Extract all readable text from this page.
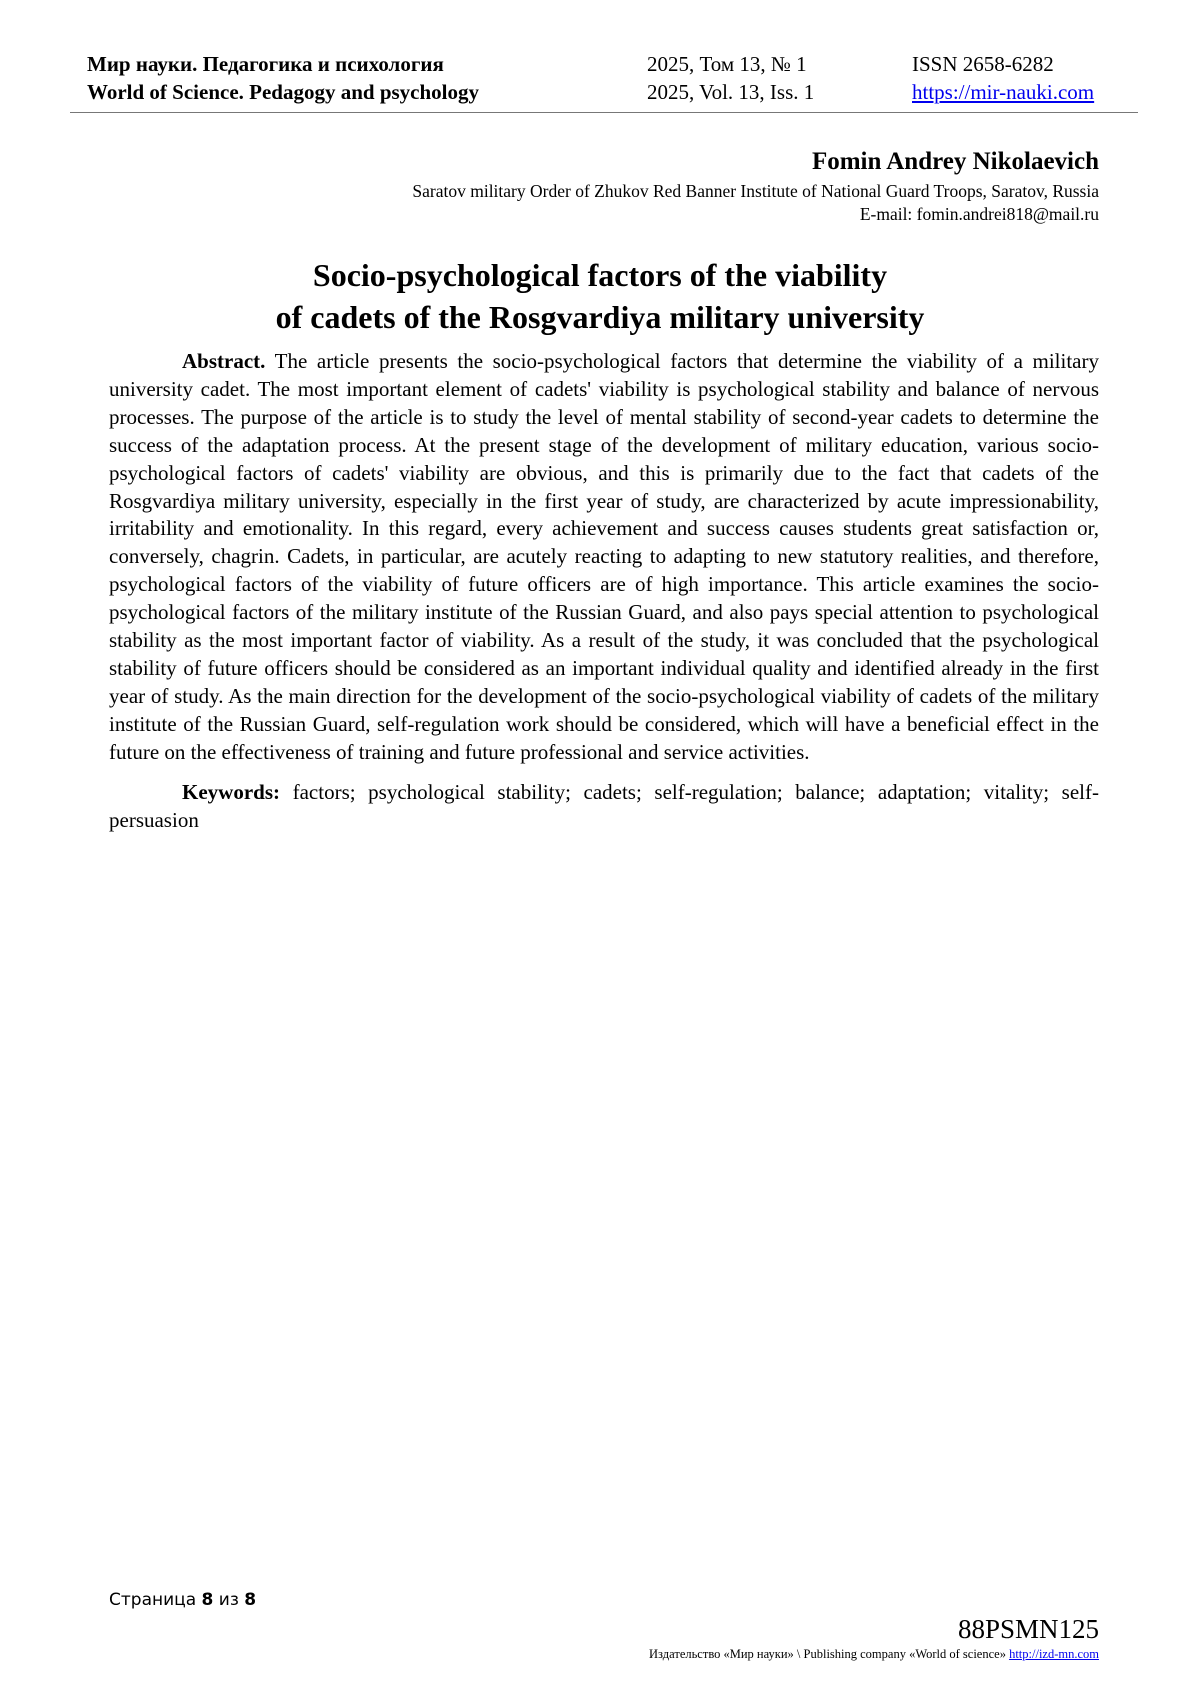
Мир науки. Педагогика и психология
World of Science. Pedagogy and psychology
2025, Том 13, № 1
2025, Vol. 13, Iss. 1
ISSN 2658-6282
https://mir-nauki.com
Fomin Andrey Nikolaevich
Saratov military Order of Zhukov Red Banner Institute of National Guard Troops, Saratov, Russia
E-mail: fomin.andrei818@mail.ru
Socio-psychological factors of the viability
of cadets of the Rosgvardiya military university

Abstract. The article presents the socio-psychological factors that determine the viability of a military university cadet. The most important element of cadets' viability is psychological stability and balance of nervous processes. The purpose of the article is to study the level of mental stability of second-year cadets to determine the success of the adaptation process. At the present stage of the development of military education, various socio-psychological factors of cadets' viability are obvious, and this is primarily due to the fact that cadets of the Rosgvardiya military university, especially in the first year of study, are characterized by acute impressionability, irritability and emotionality. In this regard, every achievement and success causes students great satisfaction or, conversely, chagrin. Cadets, in particular, are acutely reacting to adapting to new statutory realities, and therefore, psychological factors of the viability of future officers are of high importance. This article examines the socio-psychological factors of the military institute of the Russian Guard, and also pays special attention to psychological stability as the most important factor of viability. As a result of the study, it was concluded that the psychological stability of future officers should be considered as an important individual quality and identified already in the first year of study. As the main direction for the development of the socio-psychological viability of cadets of the military institute of the Russian Guard, self-regulation work should be considered, which will have a beneficial effect in the future on the effectiveness of training and future professional and service activities.

Keywords: factors; psychological stability; cadets; self-regulation; balance; adaptation; vitality; self-persuasion

Страница 8 из 8
88PSMN125
Издательство «Мир науки» \ Publishing company «World of science» http://izd-mn.com
